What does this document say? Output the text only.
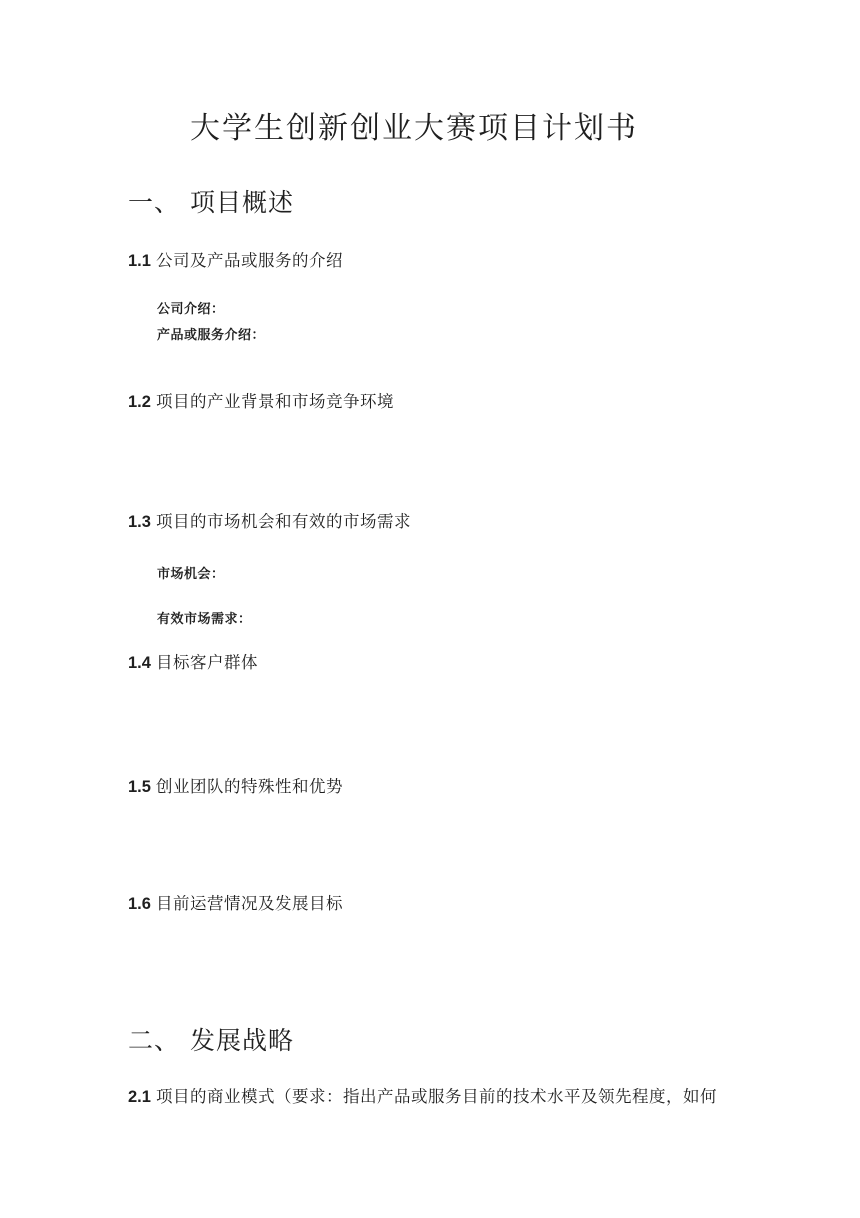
大学生创新创业大赛项目计划书
一、 项目概述
1.1 公司及产品或服务的介绍

公司介绍：

产品或服务介绍：

1.2 项目的产业背景和市场竞争环境
1.3 项目的市场机会和有效的市场需求

市场机会：

有效市场需求：

1.4 目标客户群体
1.5 创业团队的特殊性和优势
1.6 目前运营情况及发展目标
二、 发展战略
2.1 项目的商业模式（要求：指出产品或服务目前的技术水平及领先程度，如何
